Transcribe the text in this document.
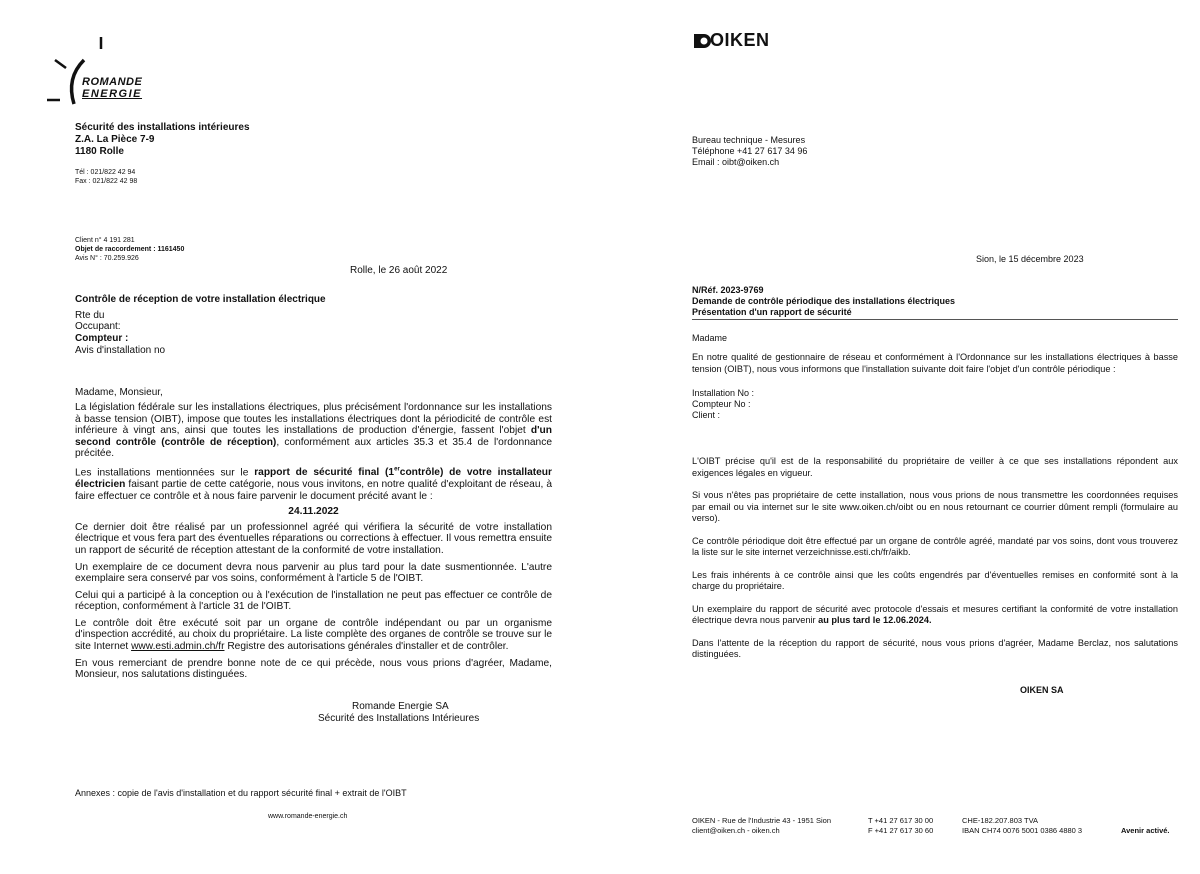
ROMANDE
ENERGIE
Sécurité des installations intérieures
Z.A. La Pièce 7-9
1180 Rolle
Tél : 021/822 42 94
Fax : 021/822 42 98
Client n° 4 191 281
Objet de raccordement : 1161450
Avis N° : 70.259.926
Rolle, le 26 août 2022
Contrôle de réception de votre installation électrique
Rte du
Occupant:
Compteur :
Avis d'installation no
Madame, Monsieur,

La législation fédérale sur les installations électriques, plus précisément l'ordonnance sur les installations à basse tension (OIBT), impose que toutes les installations électriques dont la périodicité de contrôle est inférieure à vingt ans, ainsi que toutes les installations de production d'énergie, fassent l'objet d'un second contrôle (contrôle de réception), conformément aux articles 35.3 et 35.4 de l'ordonnance précitée.

Les installations mentionnées sur le rapport de sécurité final (1ercontrôle) de votre installateur électricien faisant partie de cette catégorie, nous vous invitons, en notre qualité d'exploitant de réseau, à faire effectuer ce contrôle et à nous faire parvenir le document précité avant le :

24.11.2022

Ce dernier doit être réalisé par un professionnel agréé qui vérifiera la sécurité de votre installation électrique et vous fera part des éventuelles réparations ou corrections à effectuer. Il vous remettra ensuite un rapport de sécurité de réception attestant de la conformité de votre installation.

Un exemplaire de ce document devra nous parvenir au plus tard pour la date susmentionnée. L'autre exemplaire sera conservé par vos soins, conformément à l'article 5 de l'OIBT.

Celui qui a participé à la conception ou à l'exécution de l'installation ne peut pas effectuer ce contrôle de réception, conformément à l'article 31 de l'OIBT.

Le contrôle doit être exécuté soit par un organe de contrôle indépendant ou par un organisme d'inspection accrédité, au choix du propriétaire. La liste complète des organes de contrôle se trouve sur le site Internet www.esti.admin.ch/fr Registre des autorisations générales d'installer et de contrôler.

En vous remerciant de prendre bonne note de ce qui précède, nous vous prions d'agréer, Madame, Monsieur, nos salutations distinguées.

Romande Energie SA
Sécurité des Installations Intérieures
Annexes : copie de l'avis d'installation et du rapport sécurité final + extrait de l'OIBT
www.romande-energie.ch
OIKEN
Bureau technique - Mesures
Téléphone +41 27 617 34 96
Email : oibt@oiken.ch
Sion, le 15 décembre 2023
N/Réf. 2023-9769
Demande de contrôle périodique des installations électriques
Présentation d'un rapport de sécurité
Madame

En notre qualité de gestionnaire de réseau et conformément à l'Ordonnance sur les installations électriques à basse tension (OIBT), nous vous informons que l'installation suivante doit faire l'objet d'un contrôle périodique :

Installation No :
Compteur No :
Client :

L'OIBT précise qu'il est de la responsabilité du propriétaire de veiller à ce que ses installations répondent aux exigences légales en vigueur.

Si vous n'êtes pas propriétaire de cette installation, nous vous prions de nous transmettre les coordonnées requises par email ou via internet sur le site www.oiken.ch/oibt ou en nous retournant ce courrier dûment rempli (formulaire au verso).

Ce contrôle périodique doit être effectué par un organe de contrôle agréé, mandaté par vos soins, dont vous trouverez la liste sur le site internet verzeichnisse.esti.ch/fr/aikb.

Les frais inhérents à ce contrôle ainsi que les coûts engendrés par d'éventuelles remises en conformité sont à la charge du propriétaire.

Un exemplaire du rapport de sécurité avec protocole d'essais et mesures certifiant la conformité de votre installation électrique devra nous parvenir au plus tard le 12.06.2024.

Dans l'attente de la réception du rapport de sécurité, nous vous prions d'agréer, Madame Berclaz, nos salutations distinguées.

OIKEN SA
OIKEN - Rue de l'Industrie 43 - 1951 Sion
client@oiken.ch - oiken.ch
T +41 27 617 30 00
F +41 27 617 30 60
CHE-182.207.803 TVA
IBAN CH74 0076 5001 0386 4880 3	Avenir activé.
